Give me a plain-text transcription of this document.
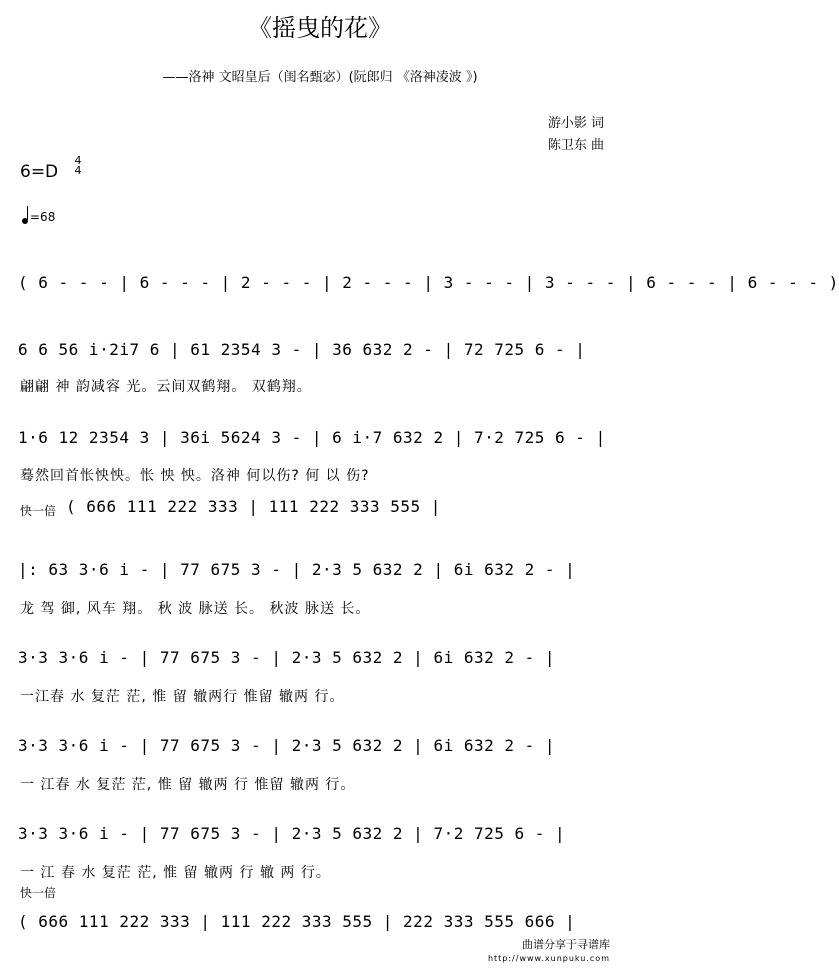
《摇曳的花》
——洛神 文昭皇后（闺名甄宓）(阮郎归 《洛神凌波 》)
游小影 词
陈卫东 曲
6=D
4
4
=68
( 6 - - - | 6 - - - | 2 - - - | 2 - - - | 3 - - - | 3 - - - | 6 - - - | 6 - - - )
6 6 56 i·2i7 6 | 61 2354 3 - | 36 632 2 - | 72 725 6 - |
翩翩 神 韵减容 光。云间双鹤翔。 双鹤翔。
1·6 12 2354 3 | 36i 5624 3 - | 6 i·7 632 2 | 7·2 725 6 - |
蓦然回首怅怏怏。怅 怏 怏。洛神 何以伤? 何 以 伤?
快一倍 ( 666 111 222 333 | 111 222 333 555 |
|: 63 3·6 i - | 77 675 3 - | 2·3 5 632 2 | 6i 632 2 - |
龙 驾 御, 风车 翔。 秋 波 脉送 长。 秋波 脉送 长。
3·3 3·6 i - | 77 675 3 - | 2·3 5 632 2 | 6i 632 2 - |
一江春 水 复茫 茫, 惟 留 辙两行 惟留 辙两 行。
3·3 3·6 i - | 77 675 3 - | 2·3 5 632 2 | 6i 632 2 - |
一 江春 水 复茫 茫, 惟 留 辙两 行 惟留 辙两 行。
3·3 3·6 i - | 77 675 3 - | 2·3 5 632 2 | 7·2 725 6 - |
一 江 春 水 复茫 茫, 惟 留 辙两 行 辙 两 行。
快一倍
( 666 111 222 333 | 111 222 333 555 | 222 333 555 666 |
曲谱分享于寻谱库
http://www.xunpuku.com
